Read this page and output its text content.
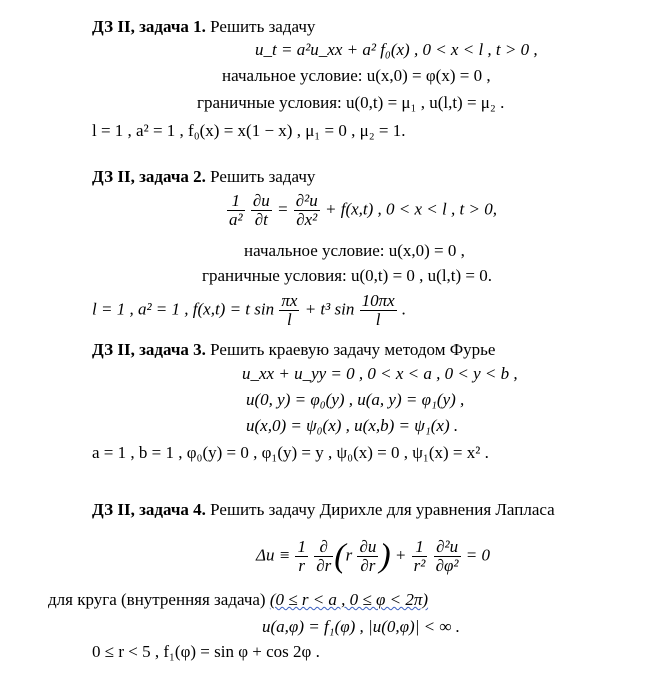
ДЗ II, задача 1. Решить задачу
u_t = a²u_xx + a² f₀(x) , 0 < x < l , t > 0 ,
начальное условие: u(x,0) = φ(x) = 0 ,
граничные условия: u(0,t) = μ₁ , u(l,t) = μ₂ .
l = 1 , a² = 1 , f₀(x) = x(1 − x) , μ₁ = 0 , μ₂ = 1.
ДЗ II, задача 2. Решить задачу
$\frac{1}{\text{a²}}$
$\frac{\partial u}{\partial t} = \frac{\text{∂²u}}{\text{∂x²}} + f(x,t)$ , 0 < x < l , t > 0,
начальное условие: u(x,0) = 0 ,
граничные условия: u(0,t) = 0 , u(l,t) = 0.
l = 1 , a² = 1 , f(x,t) = t $\sin \frac{\pi x}{l} + t^3$ $\sin \frac{10\pi x}{l}$ .
ДЗ II, задача 3. Решить краевую задачу методом Фурье
u_xx + u_yy = 0 , 0 < x < a , 0 < y < b ,
u(0, y) = φ₀(y) , u(a, y) = φ₁(y) ,
u(x,0) = ψ₀(x) , u(x,b) = ψ₁(x) .
a = 1 , b = 1 , φ₀(y) = 0 , φ₁(y) = y , ψ₀(x) = 0 , ψ₁(x) = x² .
ДЗ II, задача 4. Решить задачу Дирихле для уравнения Лапласа
$\Delta u \equiv \frac{1}{r}$
$\frac{\partial}{\partial r} (r \frac{\partial u}{\partial r}$ ) + $\frac{1}{\text{r²}}$
$\frac{\text{∂²u}}{\text{∂φ²}} = 0$
для круга (внутренняя задача) (0 ≤ r < a , 0 ≤ φ < 2π)
u(a,φ) = f₁(φ) , |u(0,φ)| < ∞ .
0 ≤ r < 5 , f₁(φ) = sin φ + cos 2φ .
